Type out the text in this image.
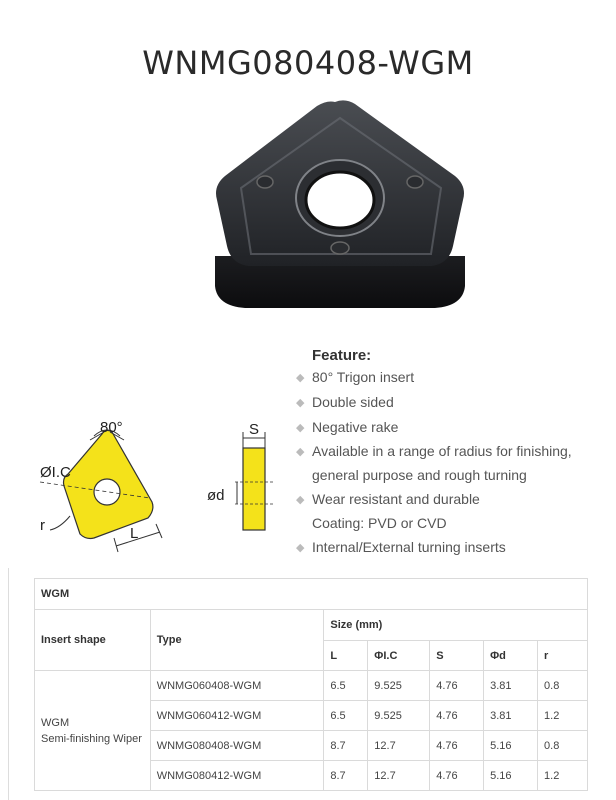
WNMG080408-WGM
80°
ØI.C
r	L
S
ød
Feature:
◆ 80° Trigon insert
◆ Double sided
◆ Negative rake
◆ Available in a range of radius for finishing,
general purpose and rough turning
◆ Wear resistant and durable
Coating: PVD or CVD
◆ Internal/External turning inserts
WGM						
Insert shape	Type	Size (mm)				
		L	ΦI.C	S	Φd	r

WGM
Semi-finishing Wiper	WNMG060408-WGM	6.5	9.525	4.76	3.81	0.8
	WNMG060412-WGM	6.5	9.525	4.76	3.81	1.2
	WNMG080408-WGM	8.7	12.7	4.76	5.16	0.8
	WNMG080412-WGM	8.7	12.7	4.76	5.16	1.2
